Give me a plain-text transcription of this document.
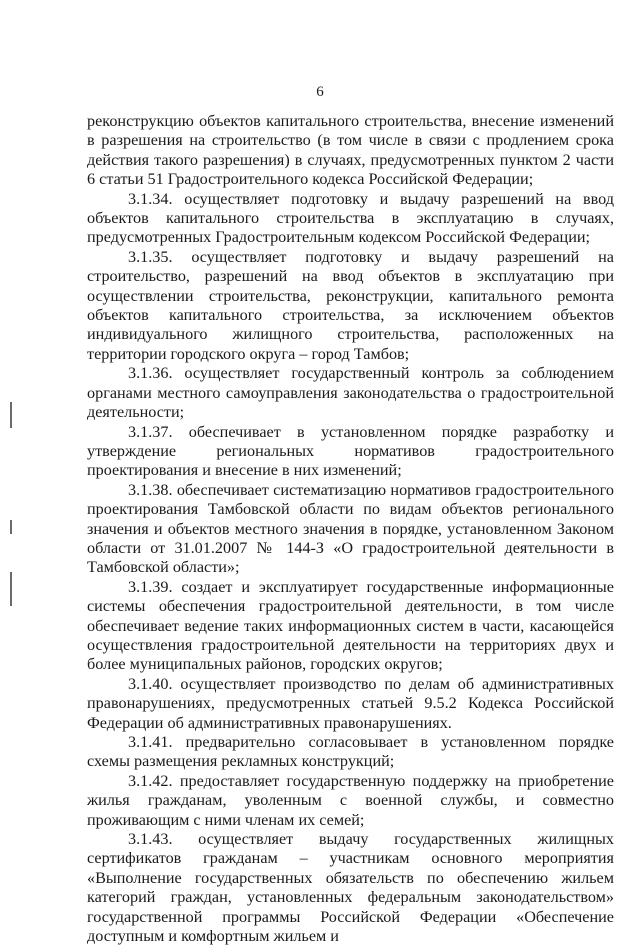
6

реконструкцию объектов капитального строительства, внесение изменений в разрешения на строительство (в том числе в связи с продлением срока действия такого разрешения) в случаях, предусмотренных пунктом 2 части 6 статьи 51 Градостроительного кодекса Российской Федерации;

3.1.34. осуществляет подготовку и выдачу разрешений на ввод объектов капитального строительства в эксплуатацию в случаях, предусмотренных Градостроительным кодексом Российской Федерации;

3.1.35. осуществляет подготовку и выдачу разрешений на строительство, разрешений на ввод объектов в эксплуатацию при осуществлении строительства, реконструкции, капитального ремонта объектов капитального строительства, за исключением объектов индивидуального жилищного строительства, расположенных на территории городского округа – город Тамбов;

3.1.36. осуществляет государственный контроль за соблюдением органами местного самоуправления законодательства о градостроительной деятельности;

3.1.37. обеспечивает в установленном порядке разработку и утверждение региональных нормативов градостроительного проектирования и внесение в них изменений;

3.1.38. обеспечивает систематизацию нормативов градостроительного проектирования Тамбовской области по видам объектов регионального значения и объектов местного значения в порядке, установленном Законом области от 31.01.2007 № 144-З «О градостроительной деятельности в Тамбовской области»;

3.1.39. создает и эксплуатирует государственные информационные системы обеспечения градостроительной деятельности, в том числе обеспечивает ведение таких информационных систем в части, касающейся осуществления градостроительной деятельности на территориях двух и более муниципальных районов, городских округов;

3.1.40. осуществляет производство по делам об административных правонарушениях, предусмотренных статьей 9.5.2 Кодекса Российской Федерации об административных правонарушениях.

3.1.41. предварительно согласовывает в установленном порядке схемы размещения рекламных конструкций;

3.1.42. предоставляет государственную поддержку на приобретение жилья гражданам, уволенным с военной службы, и совместно проживающим с ними членам их семей;

3.1.43. осуществляет выдачу государственных жилищных сертификатов гражданам – участникам основного мероприятия «Выполнение государственных обязательств по обеспечению жильем категорий граждан, установленных федеральным законодательством» государственной программы Российской Федерации «Обеспечение доступным и комфортным жильем и
